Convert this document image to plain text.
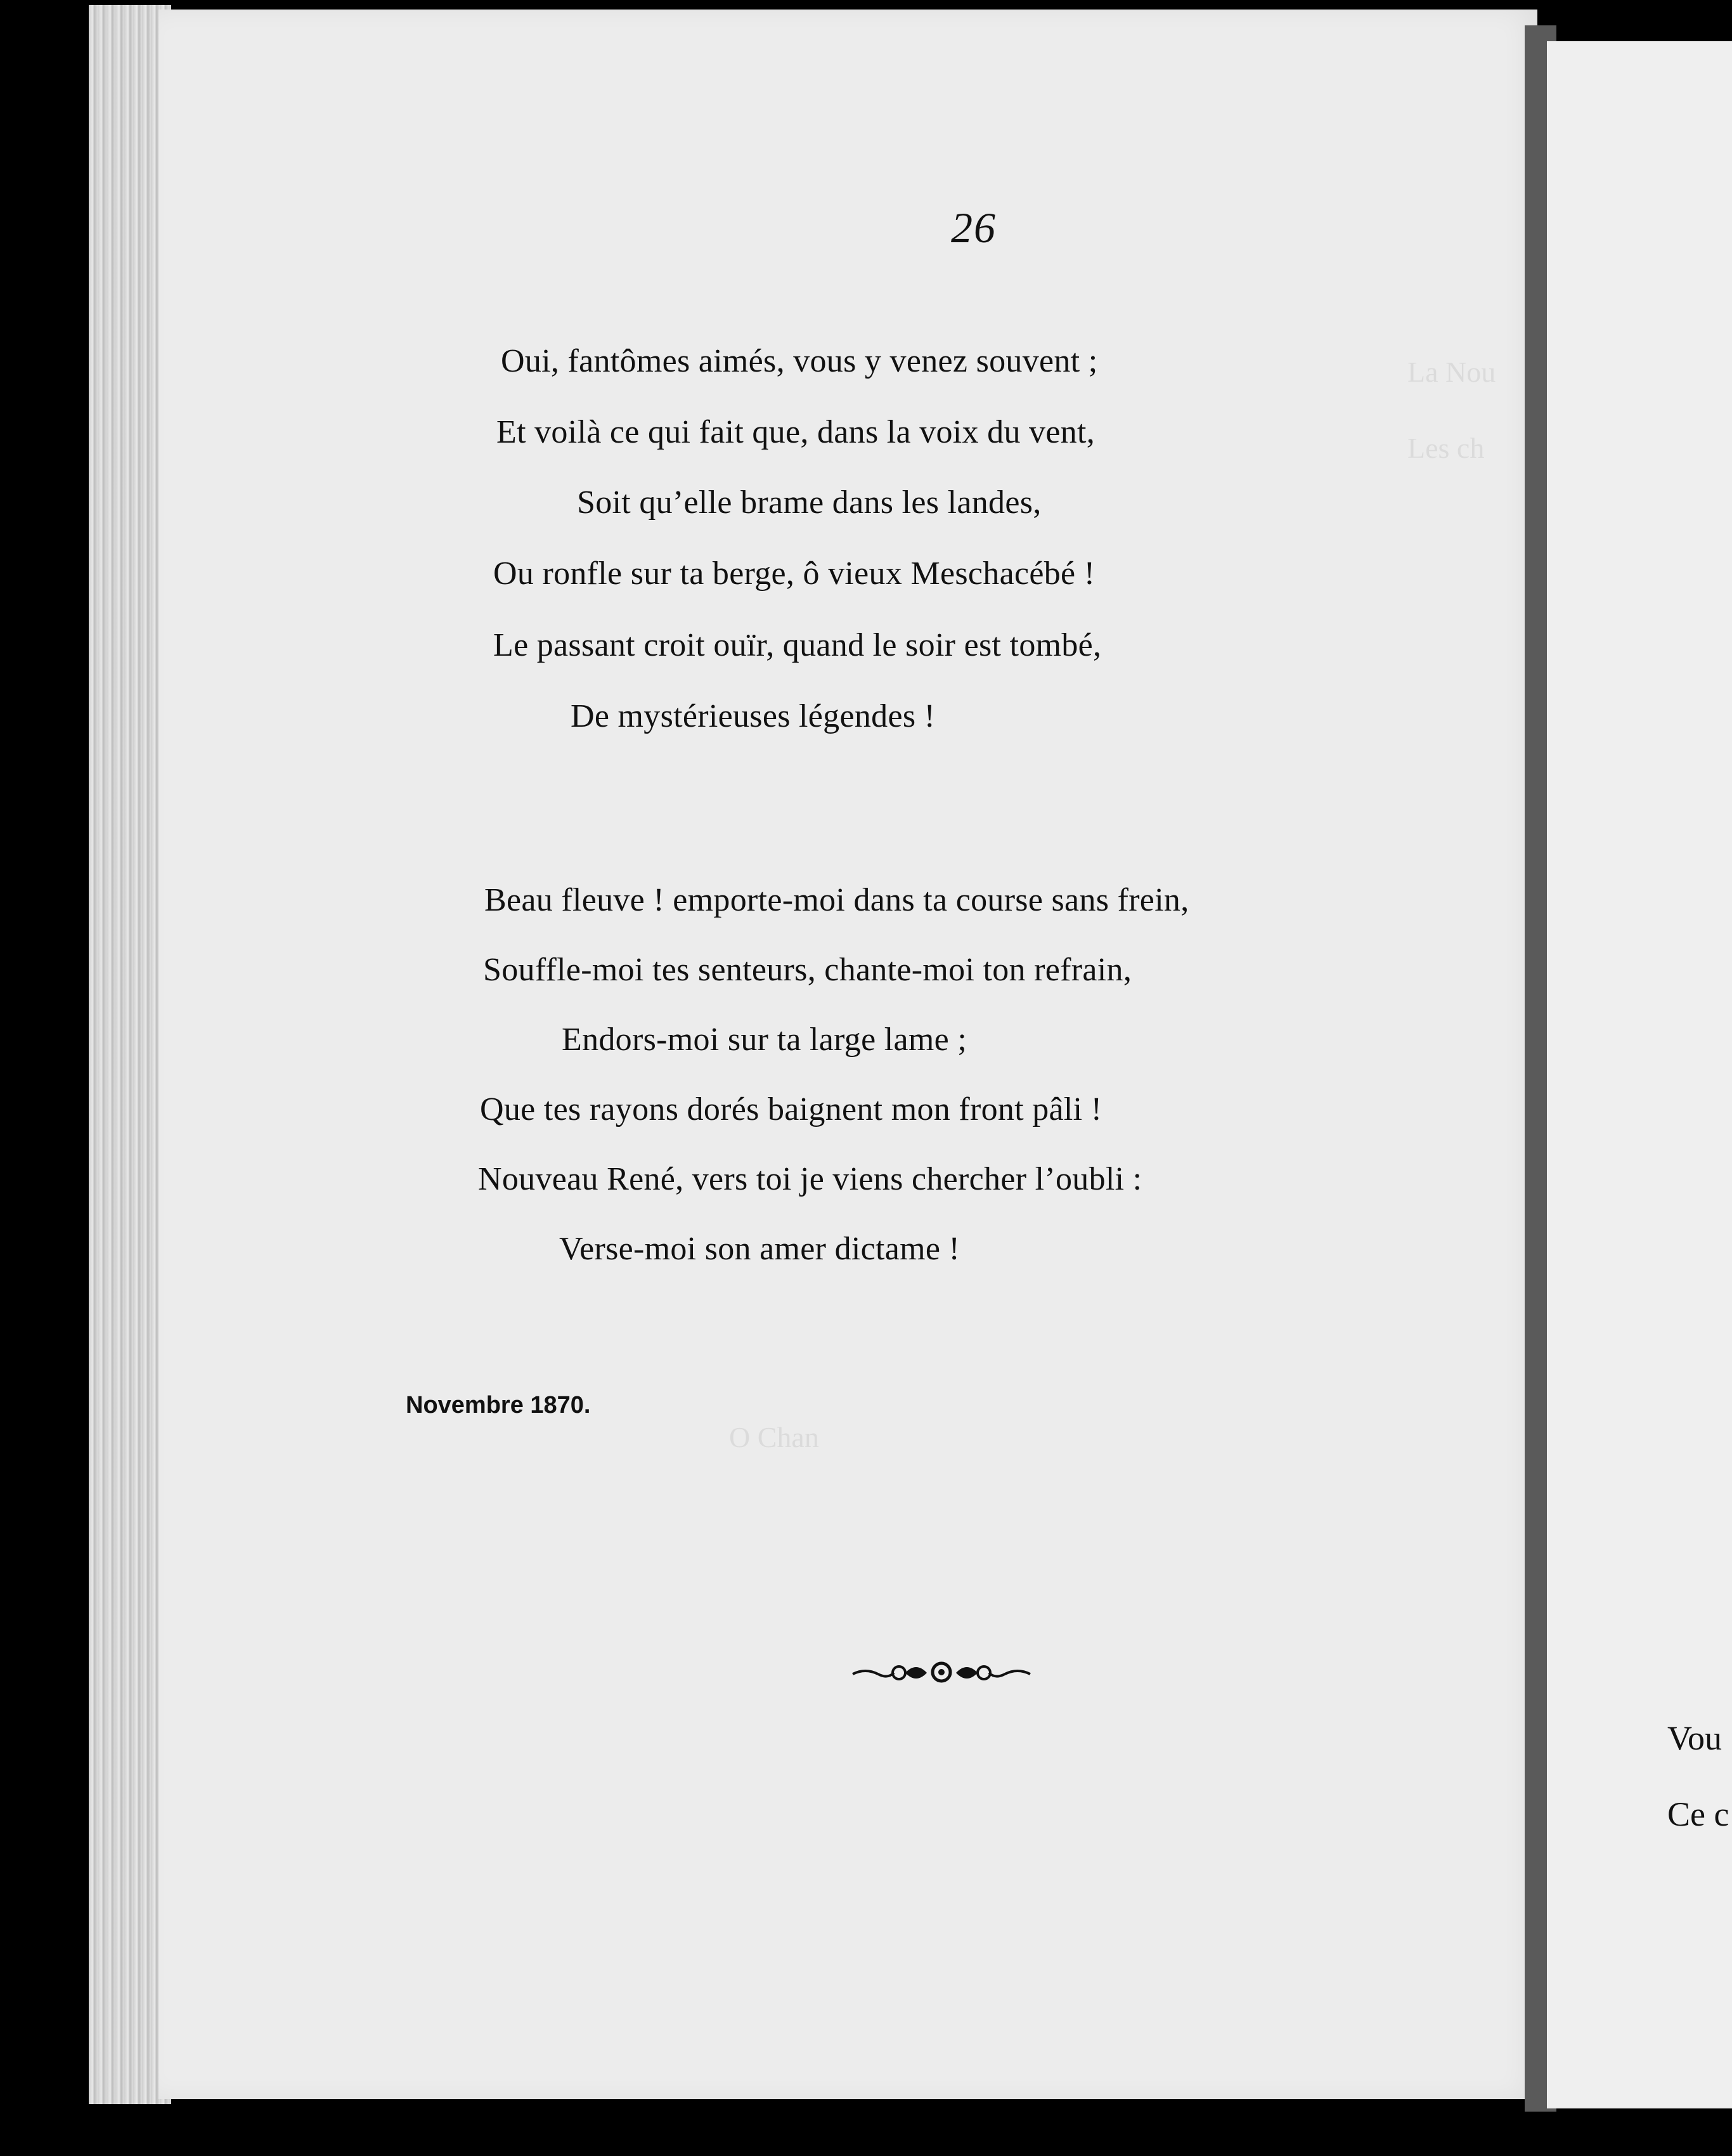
La Nou
Les ch
O Chan
26
Oui, fantômes aimés, vous y venez souvent ;
Et voilà ce qui fait que, dans la voix du vent,
Soit qu’elle brame dans les landes,
Ou ronfle sur ta berge, ô vieux Meschacébé !
Le passant croit ouïr, quand le soir est tombé,
De mystérieuses légendes !
Beau fleuve ! emporte-moi dans ta course sans frein,
Souffle-moi tes senteurs, chante-moi ton refrain,
Endors-moi sur ta large lame ;
Que tes rayons dorés baignent mon front pâli !
Nouveau René, vers toi je viens chercher l’oubli :
Verse-moi son amer dictame !
Novembre 1870.
Vou
Ce c
